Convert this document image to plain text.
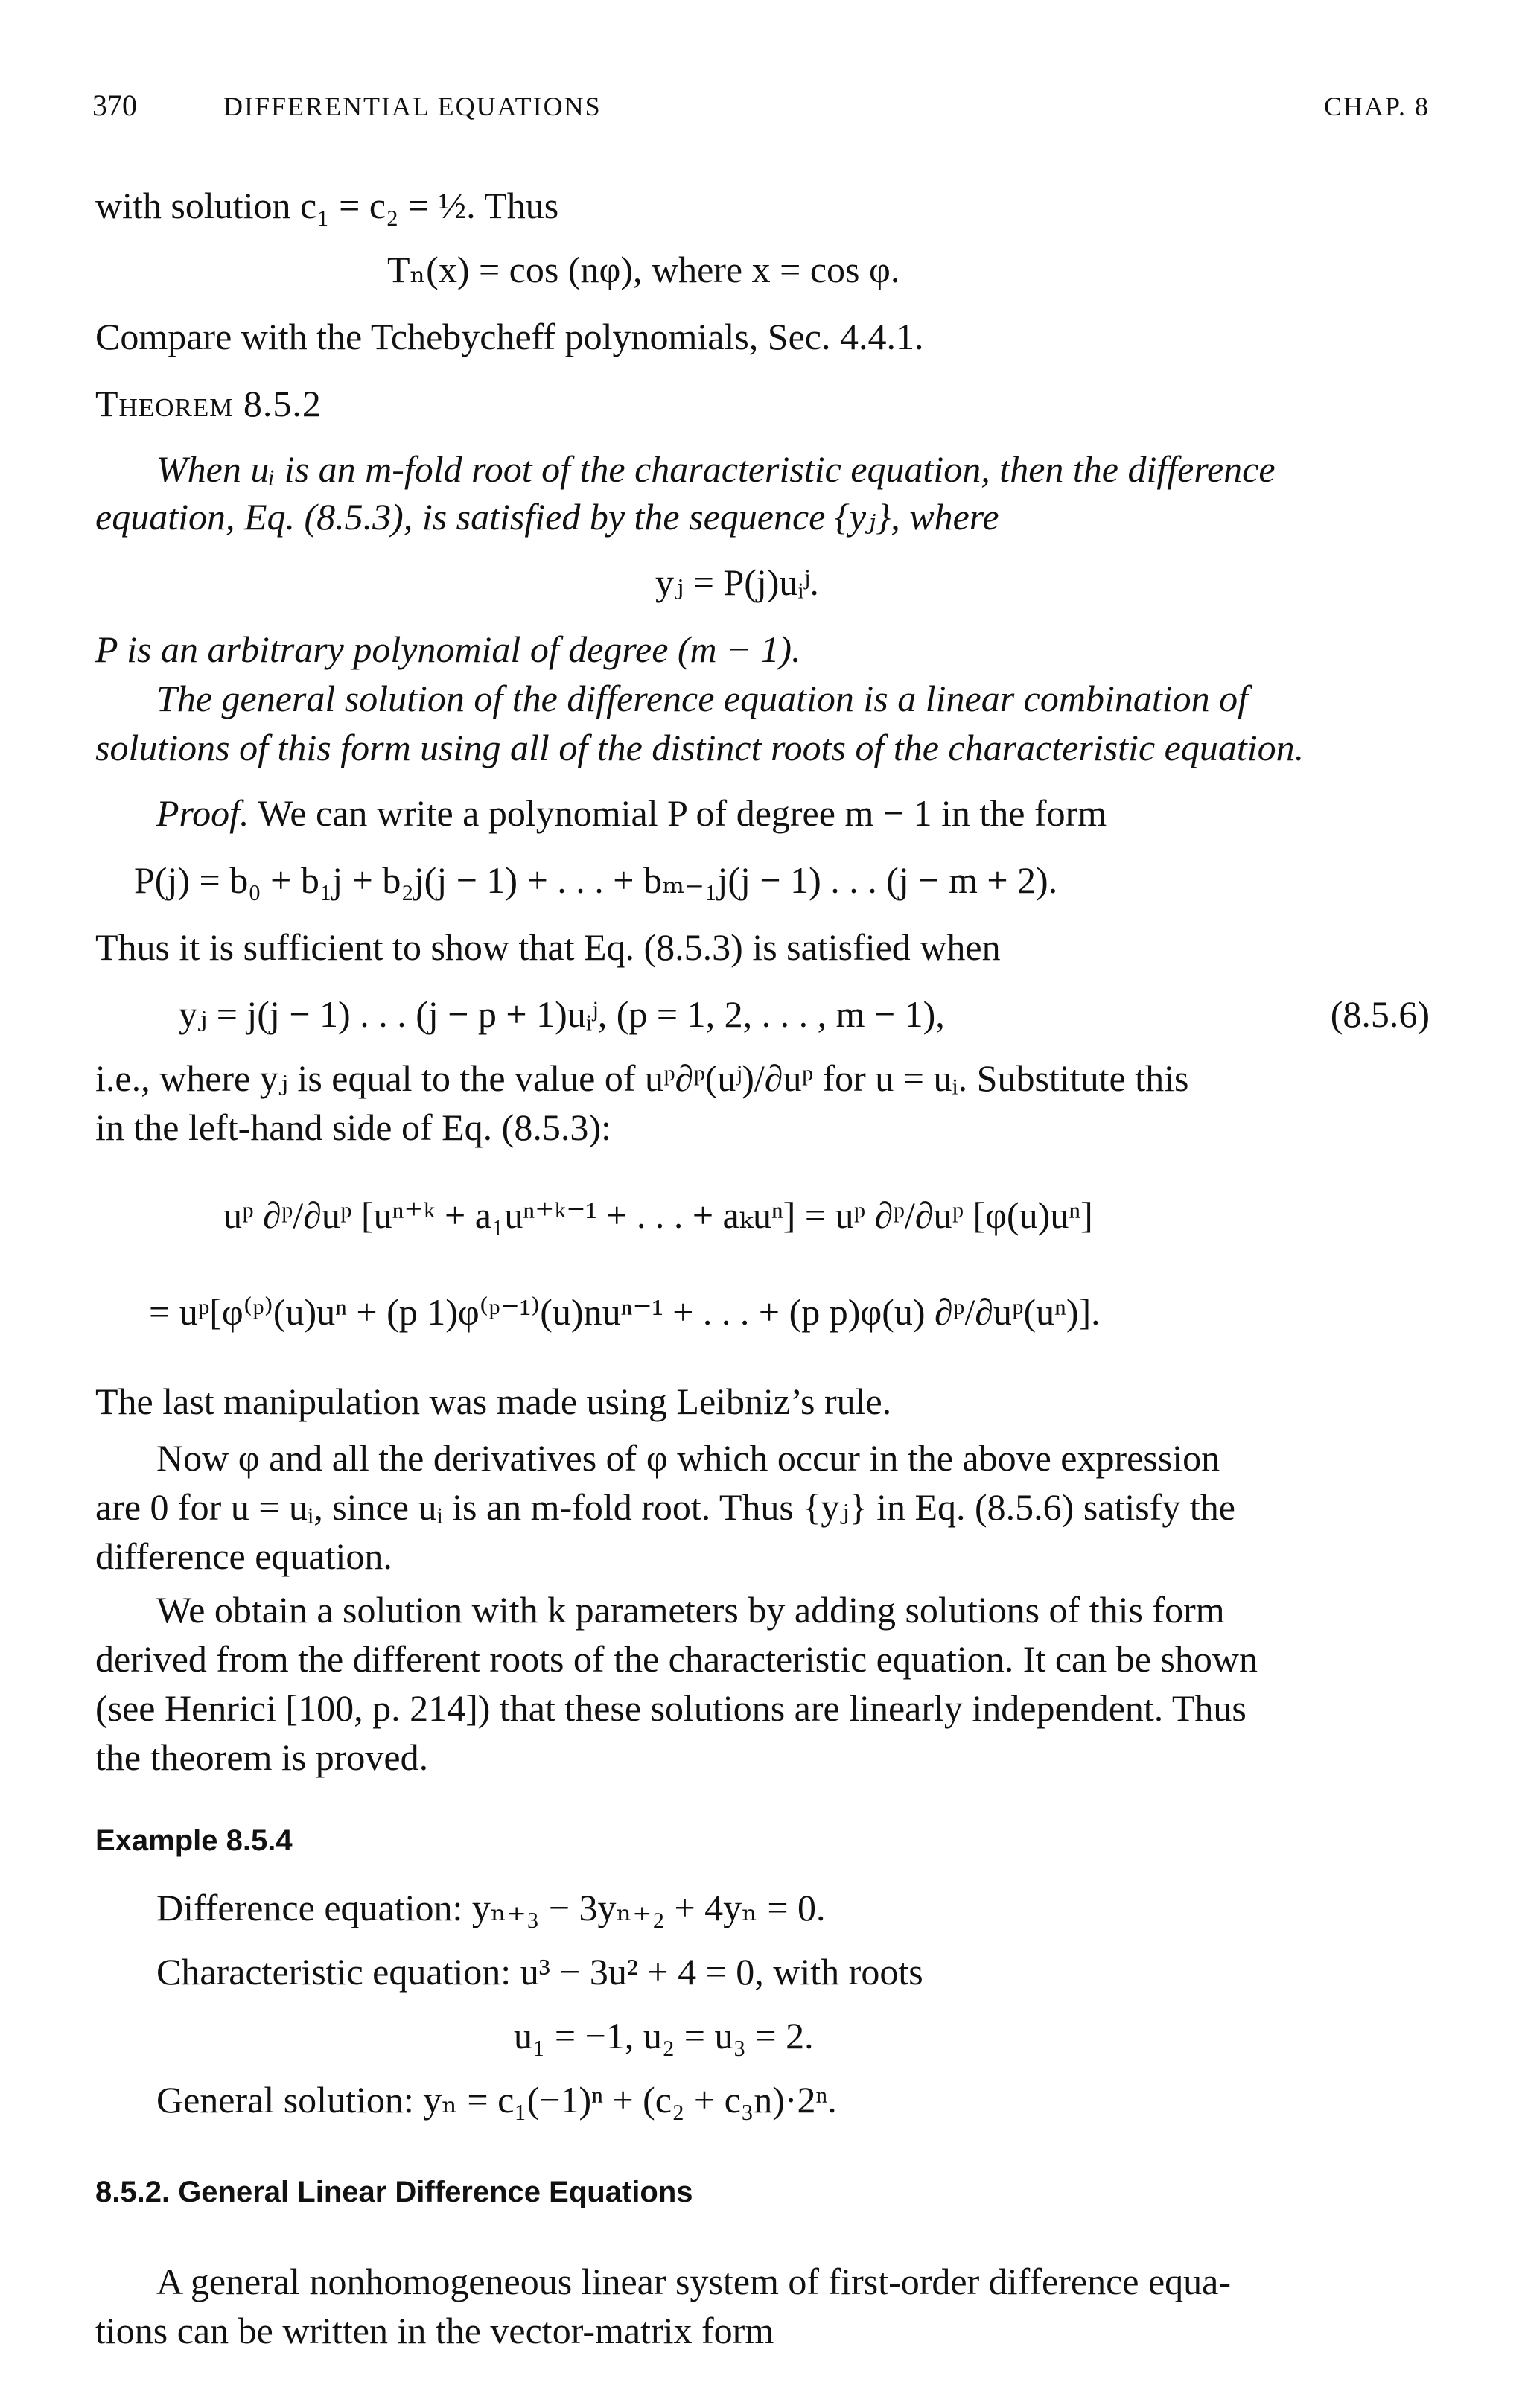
370	DIFFERENTIAL EQUATIONS	CHAP. 8
with solution c₁ = c₂ = ½. Thus
Tₙ(x) = cos (nφ), where x = cos φ.
Compare with the Tchebycheff polynomials, Sec. 4.4.1.
Theorem 8.5.2
When uᵢ is an m-fold root of the characteristic equation, then the difference
equation, Eq. (8.5.3), is satisfied by the sequence {yⱼ}, where
yⱼ = P(j)uᵢʲ.
P is an arbitrary polynomial of degree (m − 1).
The general solution of the difference equation is a linear combination of
solutions of this form using all of the distinct roots of the characteristic equation.
Proof. We can write a polynomial P of degree m − 1 in the form
P(j) = b₀ + b₁j + b₂j(j − 1) + . . . + bₘ₋₁j(j − 1) . . . (j − m + 2).
Thus it is sufficient to show that Eq. (8.5.3) is satisfied when
yⱼ = j(j − 1) . . . (j − p + 1)uᵢʲ, (p = 1, 2, . . . , m − 1),	(8.5.6)
i.e., where yⱼ is equal to the value of uᵖ∂ᵖ(uʲ)/∂uᵖ for u = uᵢ. Substitute this
in the left-hand side of Eq. (8.5.3):
uᵖ ∂ᵖ/∂uᵖ [uⁿ⁺ᵏ + a₁uⁿ⁺ᵏ⁻¹ + . . . + aₖuⁿ] = uᵖ ∂ᵖ/∂uᵖ [φ(u)uⁿ]
= uᵖ[φ⁽ᵖ⁾(u)uⁿ + (p 1)φ⁽ᵖ⁻¹⁾(u)nuⁿ⁻¹ + . . . + (p p)φ(u) ∂ᵖ/∂uᵖ(uⁿ)].
The last manipulation was made using Leibniz’s rule.
Now φ and all the derivatives of φ which occur in the above expression
are 0 for u = uᵢ, since uᵢ is an m-fold root. Thus {yⱼ} in Eq. (8.5.6) satisfy the
difference equation.
We obtain a solution with k parameters by adding solutions of this form
derived from the different roots of the characteristic equation. It can be shown
(see Henrici [100, p. 214]) that these solutions are linearly independent. Thus
the theorem is proved.
Example 8.5.4
Difference equation: yₙ₊₃ − 3yₙ₊₂ + 4yₙ = 0.
Characteristic equation: u³ − 3u² + 4 = 0, with roots
u₁ = −1, u₂ = u₃ = 2.
General solution: yₙ = c₁(−1)ⁿ + (c₂ + c₃n)·2ⁿ.
8.5.2. General Linear Difference Equations
A general nonhomogeneous linear system of first-order difference equa-
tions can be written in the vector-matrix form
